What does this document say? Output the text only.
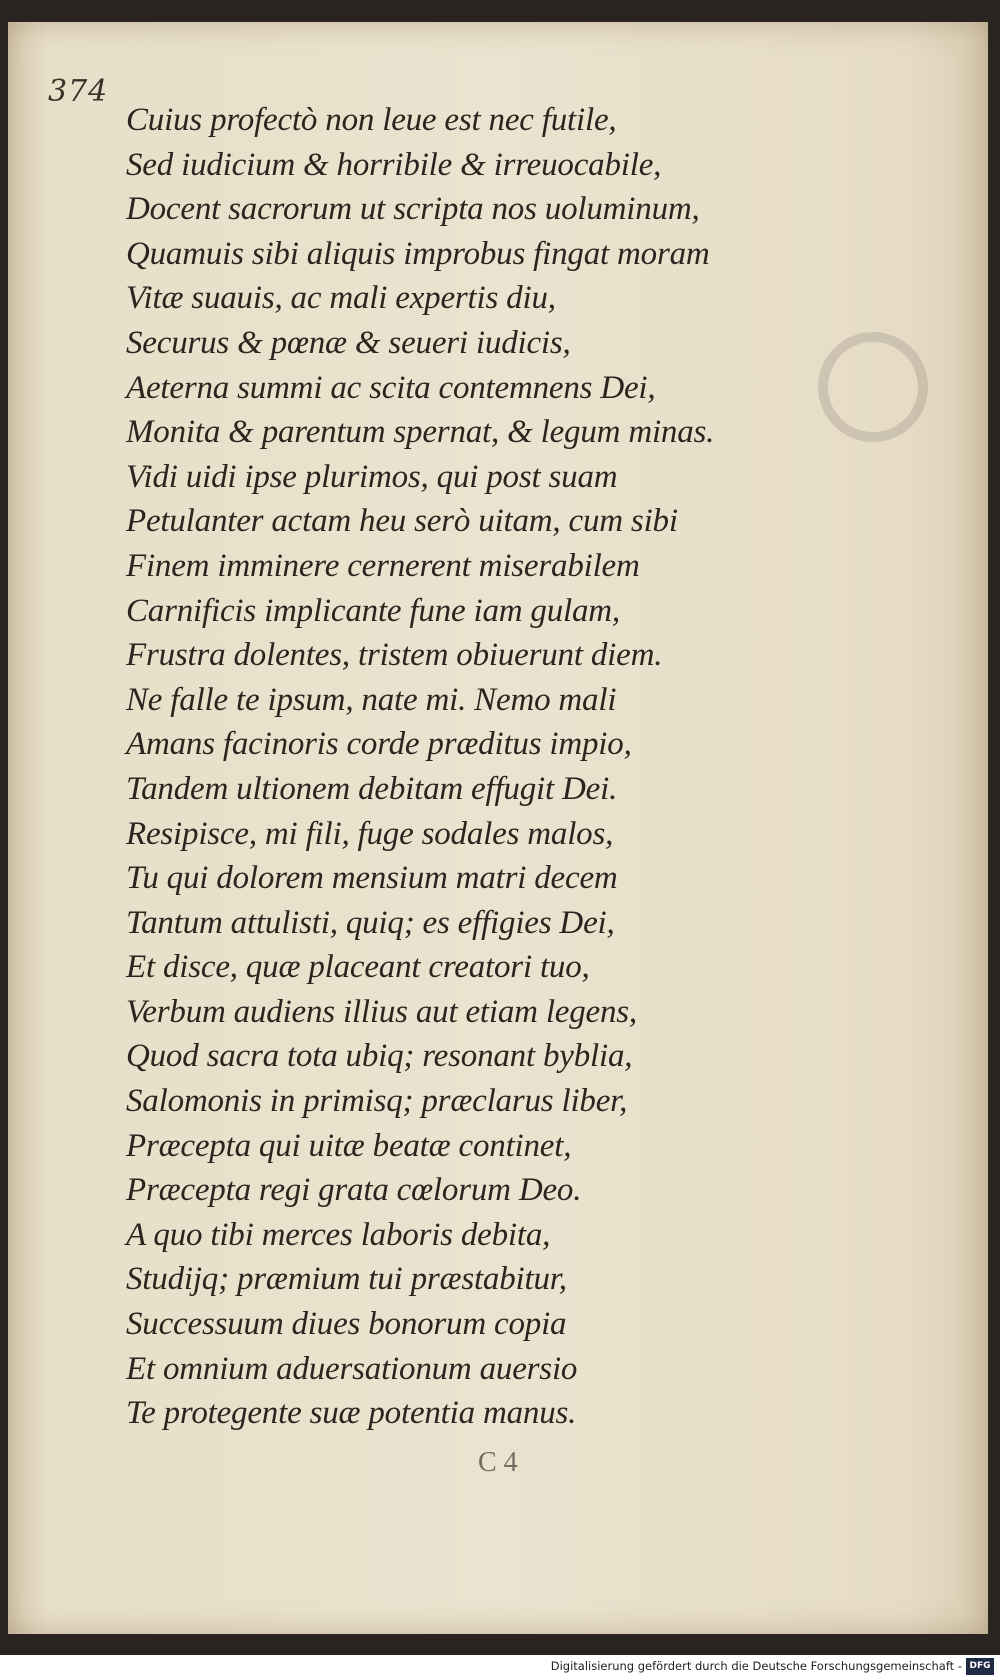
374
Cuius profectò non leue est nec futile,
Sed iudicium & horribile & irreuocabile,
Docent sacrorum ut scripta nos uoluminum,
Quamuis sibi aliquis improbus fingat moram
Vitæ suauis, ac mali expertis diu,
Securus & pœnæ & seueri iudicis,
Aeterna summi ac scita contemnens Dei,
Monita & parentum spernat, & legum minas.
Vidi uidi ipse plurimos, qui post suam
Petulanter actam heu serò uitam, cum sibi
Finem imminere cernerent miserabilem
Carnificis implicante fune iam gulam,
Frustra dolentes, tristem obiuerunt diem.
Ne falle te ipsum, nate mi. Nemo mali
Amans facinoris corde præditus impio,
Tandem ultionem debitam effugit Dei.
Resipisce, mi fili, fuge sodales malos,
Tu qui dolorem mensium matri decem
Tantum attulisti, quiq; es effigies Dei,
Et disce, quæ placeant creatori tuo,
Verbum audiens illius aut etiam legens,
Quod sacra tota ubiq; resonant byblia,
Salomonis in primisq; præclarus liber,
Præcepta qui uitæ beatæ continet,
Præcepta regi grata cœlorum Deo.
A quo tibi merces laboris debita,
Studijq; præmium tui præstabitur,
Successuum diues bonorum copia
Et omnium aduersationum auersio
Te protegente suæ potentia manus.
C 4
Digitalisierung gefördert durch die Deutsche Forschungsgemeinschaft - DFG
